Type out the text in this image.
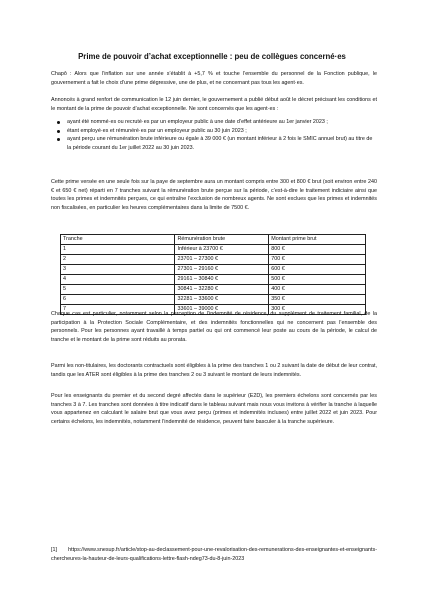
Prime de pouvoir d’achat exceptionnelle : peu de collègues concerné·es

Chapô : Alors que l’inflation sur une année s’établit à +5,7 % et touche l’ensemble du personnel de la Fonction publique, le gouvernement a fait le choix d’une prime dégressive, une de plus, et ne concernant pas tous les agent·es.

Annoncés à grand renfort de communication le 12 juin dernier, le gouvernement a publié début août le décret précisant les conditions et le montant de la prime de pouvoir d’achat exceptionnelle. Ne sont concernés que les agent·es :

ayant été nommé·es ou recruté·es par un employeur public à une date d’effet antérieure au 1er janvier 2023 ;
étant employé·es et rémunéré·es par un employeur public au 30 juin 2023 ;
ayant perçu une rémunération brute inférieure ou égale à 39 000 € (un montant inférieur à 2 fois le SMIC annuel brut) au titre de la période courant du 1er juillet 2022 au 30 juin 2023.

Cette prime versée en une seule fois sur la paye de septembre aura un montant compris entre 300 et 800 € brut (soit environ entre 240 € et 650 € net) réparti en 7 tranches suivant la rémunération brute perçue sur la période, c’est-à-dire le traitement indiciaire ainsi que toutes les primes et indemnités perçues, ce qui entraîne l’exclusion de nombreux agents. Ne sont exclues que les primes et indemnités non fiscalisées, en particulier les heures complémentaires dans la limite de 7500 €.

Tranche	Rémunération brute	Montant prime brut
1	Inférieur à 23700 €	800 €
2	23701 – 27300 €	700 €
3	27301 – 29160 €	600 €
4	29161 – 30840 €	500 €
5	30841 – 32280 €	400 €
6	32281 – 33600 €	350 €
7	33601 – 39000 €	300 €

Chaque cas est particulier, notamment selon la perception de l’indemnité de résidence, du supplément de traitement familial, de la participation à la Protection Sociale Complémentaire, et des indemnités fonctionnelles qui ne concernent pas l’ensemble des personnels. Pour les personnes ayant travaillé à temps partiel ou qui ont commencé leur poste au cours de la période, le calcul de tranche et le montant de la prime sont réduits au prorata.

Parmi les non-titulaires, les doctorants contractuels sont éligibles à la prime des tranches 1 ou 2 suivant la date de début de leur contrat, tandis que les ATER sont éligibles à la prime des tranches 2 ou 3 suivant le montant de leurs indemnités.

Pour les enseignants du premier et du second degré affectés dans le supérieur (E2D), les premiers échelons sont concernés par les tranches 3 à 7. Les tranches sont données à titre indicatif dans le tableau suivant mais nous vous invitons à vérifier la tranche à laquelle vous appartenez en calculant le salaire brut que vous avez perçu (primes et indemnités incluses) entre juillet 2022 et juin 2023. Pour certains échelons, les indemnités, notamment l’indemnité de résidence, peuvent faire basculer à la tranche supérieure.

[1] https://www.snesup.fr/article/stop-au-declassement-pour-une-revalorisation-des-remunerations-des-enseignantes-et-enseignants-chercheures-la-hauteur-de-leurs-qualifications-lettre-flash-ndeg73-du-8-juin-2023
